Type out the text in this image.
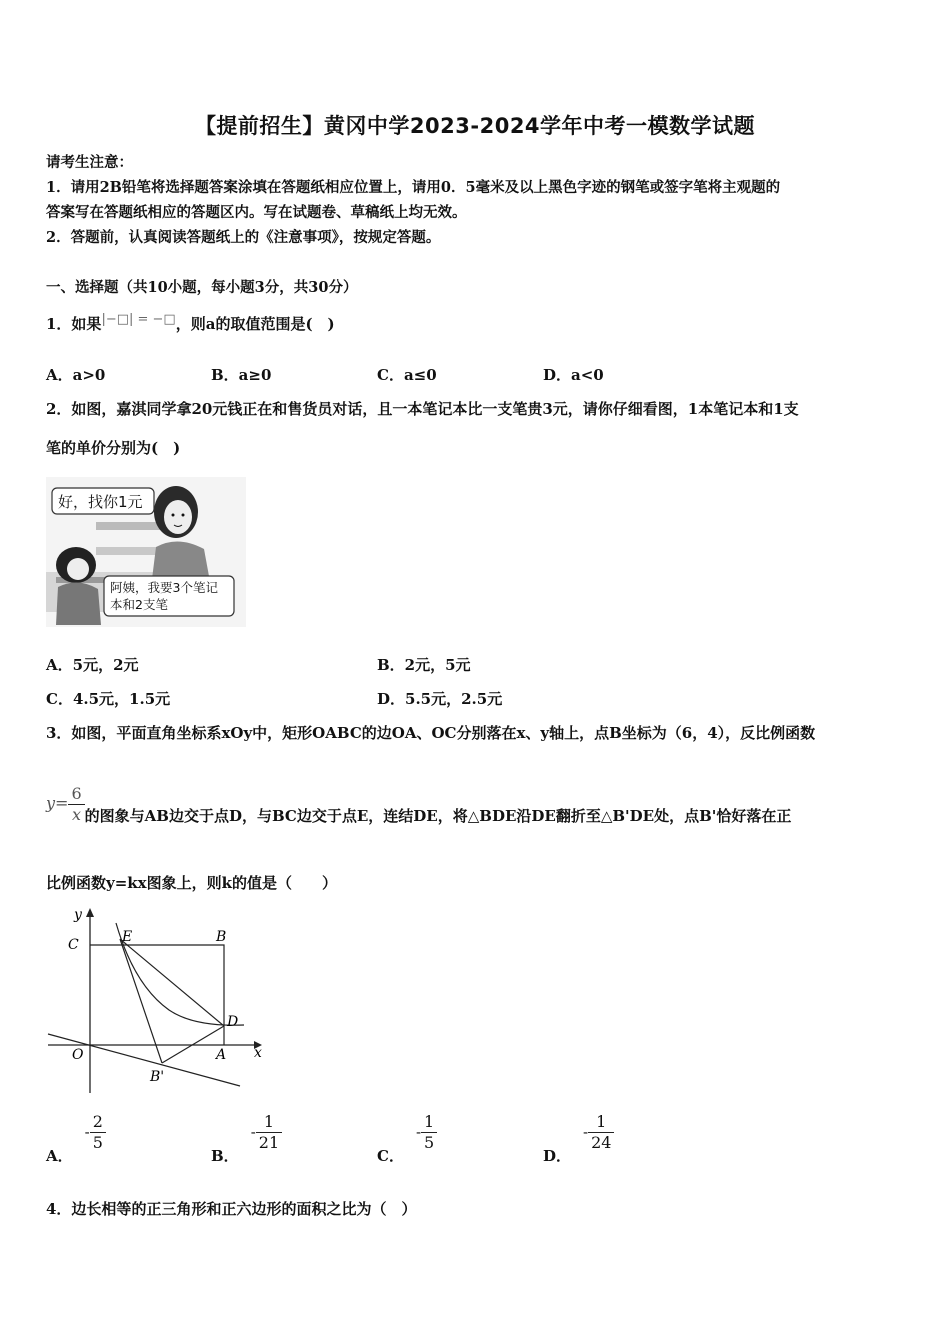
【提前招生】黄冈中学2023-2024学年中考一模数学试题
请考生注意：
1．请用2B铅笔将选择题答案涂填在答题纸相应位置上，请用0．5毫米及以上黑色字迹的钢笔或签字笔将主观题的
答案写在答题纸相应的答题区内。写在试题卷、草稿纸上均无效。
2．答题前，认真阅读答题纸上的《注意事项》，按规定答题。
一、选择题（共10小题，每小题3分，共30分）
1．如果|−□| = −□，则a的取值范围是(　)
A．a>0	B．a≥0	C．a≤0	D．a<0
2．如图，嘉淇同学拿20元钱正在和售货员对话，且一本笔记本比一支笔贵3元，请你仔细看图，1本笔记本和1支
笔的单价分别为(　)
好，找你1元
阿姨，我要3个笔记
本和2支笔
A．5元，2元	B．2元，5元
C．4.5元，1.5元	D．5.5元，2.5元
3．如图，平面直角坐标系xOy中，矩形OABC的边OA、OC分别落在x、y轴上，点B坐标为（6，4），反比例函数
$y= \frac{6}{x}$ 的图象与AB边交于点D，与BC边交于点E，连结DE，将△BDE沿DE翻折至△B'DE处，点B'恰好落在正
比例函数y=kx图象上，则k的值是（　　）
y
x
C	E	B
D
O	A
B'
A．- $\frac{2}{5}$
B．- $\frac{1}{21}$
C．- $\frac{1}{5}$
D．- $\frac{1}{24}$
4．边长相等的正三角形和正六边形的面积之比为（　）
